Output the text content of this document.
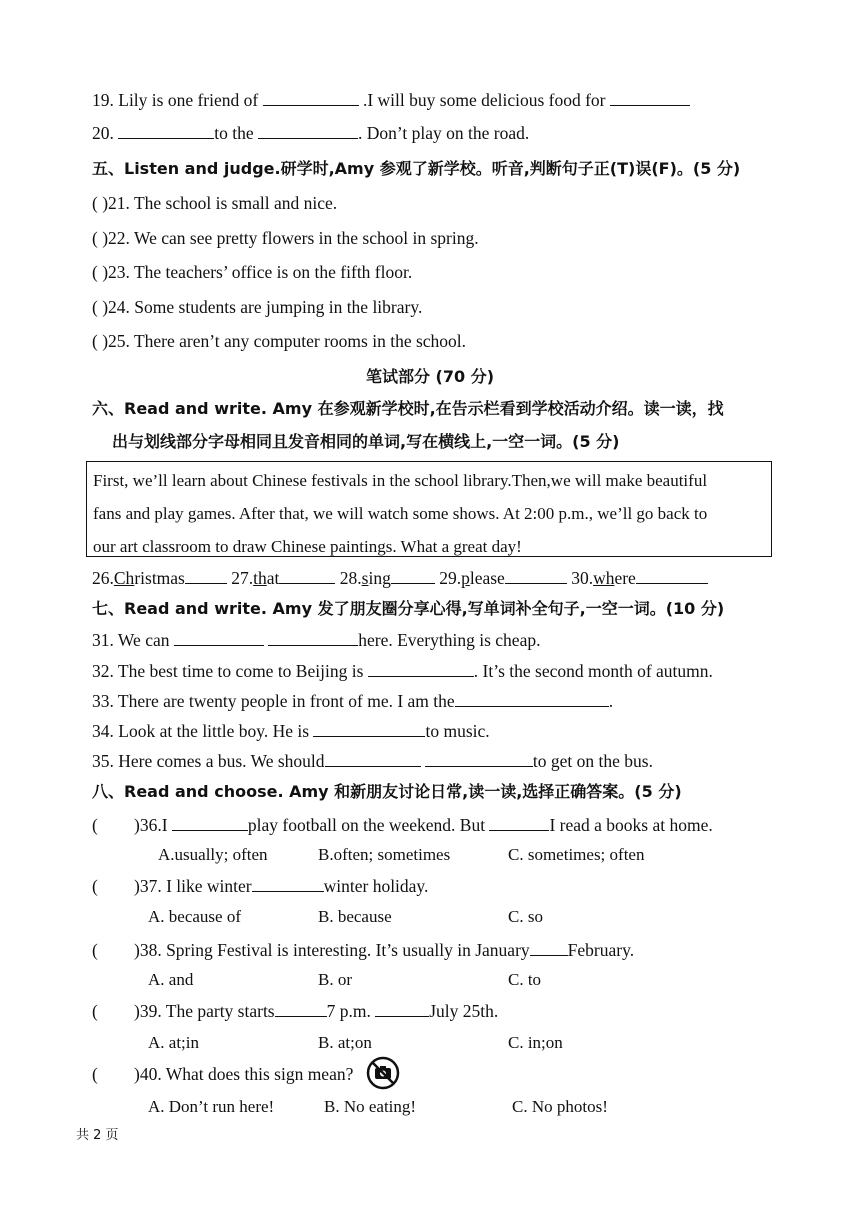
19. Lily is one friend of	.I will buy some delicious food for
20.	to the	. Don’t play on the road.
五、Listen and judge.研学时,Amy 参观了新学校。听音,判断句子正(T)误(F)。(5 分)
( )21. The school is small and nice.
( )22. We can see pretty flowers in the school in spring.
( )23. The teachers’ office is on the fifth floor.
( )24. Some students are jumping in the library.
( )25. There aren’t any computer rooms in the school.
笔试部分 (70 分)
六、Read and write. Amy 在参观新学校时,在告示栏看到学校活动介绍。读一读，找
出与划线部分字母相同且发音相同的单词,写在横线上,一空一词。(5 分)
First, we’ll learn about Chinese festivals in the school library.Then,we will make beautiful
fans and play games. After that, we will watch some shows. At 2:00 p.m., we’ll go back to
our art classroom to draw Chinese paintings. What a great day!
26.Christmas	27.that	28.sing	29.please	30.where
七、Read and write. Amy 发了朋友圈分享心得,写单词补全句子,一空一词。(10 分)
31. We can	here. Everything is cheap.
32. The best time to come to Beijing is	. It’s the second month of autumn.
33. There are twenty people in front of me. I am the	.
34. Look at the little boy. He is	to music.
35. Here comes a bus. We should	to get on the bus.
八、Read and choose. Amy 和新朋友讨论日常,读一读,选择正确答案。(5 分)
( )36.I	play football on the weekend. But	I read a books at home.
A.usually; often	B.often; sometimes	C. sometimes; often
( )37. I like winter	winter holiday.
A. because of	B. because	C. so
( )38. Spring Festival is interesting. It’s usually in January February.
A. and	B. or	C. to
( )39. The party starts	7 p.m.	July 25th.
A. at;in	B. at;on	C. in;on
( )40. What does this sign mean?
A. Don’t run here!	B. No eating!	C. No photos!
共 2 页
